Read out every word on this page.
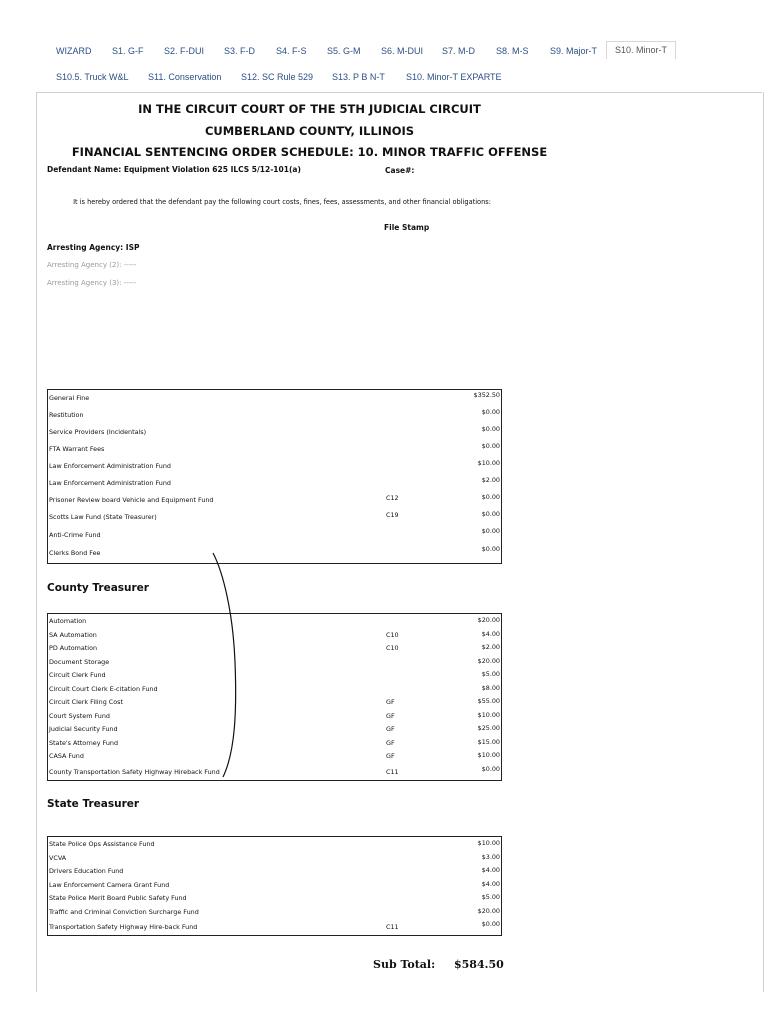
WIZARD S1. G-F S2. F-DUI S3. F-D S4. F-S S5. G-M S6. M-DUI S7. M-D S8. M-S S9. Major-T	S10. Minor-T
S10.5. Truck W&L S11. Conservation S12. SC Rule 529 S13. P B N-T S10. Minor-T EXPARTE
IN THE CIRCUIT COURT OF THE 5TH JUDICIAL CIRCUIT
CUMBERLAND COUNTY, ILLINOIS
FINANCIAL SENTENCING ORDER SCHEDULE: 10. MINOR TRAFFIC OFFENSE
Defendant Name: Equipment Violation 625 ILCS 5/12-101(a)	Case#:
It is hereby ordered that the defendant pay the following court costs, fines, fees, assessments, and other financial obligations:
File Stamp
Arresting Agency: ISP
Arresting Agency (2): -----
Arresting Agency (3): -----
General Fine	$352.50
Restitution	$0.00
Service Providers (Incidentals)	$0.00
FTA Warrant Fees	$0.00
Law Enforcement Administration Fund	$10.00
Law Enforcement Administration Fund	$2.00
Prisoner Review board Vehicle and Equipment Fund	C12	$0.00
Scotts Law Fund (State Treasurer)	C19	$0.00
Anti-Crime Fund	$0.00
Clerks Bond Fee	$0.00
County Treasurer
Automation	$20.00
SA Automation	C10	$4.00
PD Automation	C10	$2.00
Document Storage	$20.00
Circuit Clerk Fund	$5.00
Circuit Court Clerk E-citation Fund	$8.00
Circuit Clerk Filing Cost	GF	$55.00
Court System Fund	GF	$10.00
Judicial Security Fund	GF	$25.00
State's Attorney Fund	GF	$15.00
CASA Fund	GF	$10.00
County Transportation Safety Highway Hireback Fund	C11	$0.00
State Treasurer
State Police Ops Assistance Fund	$10.00
VCVA	$3.00
Drivers Education Fund	$4.00
Law Enforcement Camera Grant Fund	$4.00
State Police Merit Board Public Safety Fund	$5.00
Traffic and Criminal Conviction Surcharge Fund	$20.00
Transportation Safety Highway Hire-back Fund	C11	$0.00
Sub Total: $584.50
